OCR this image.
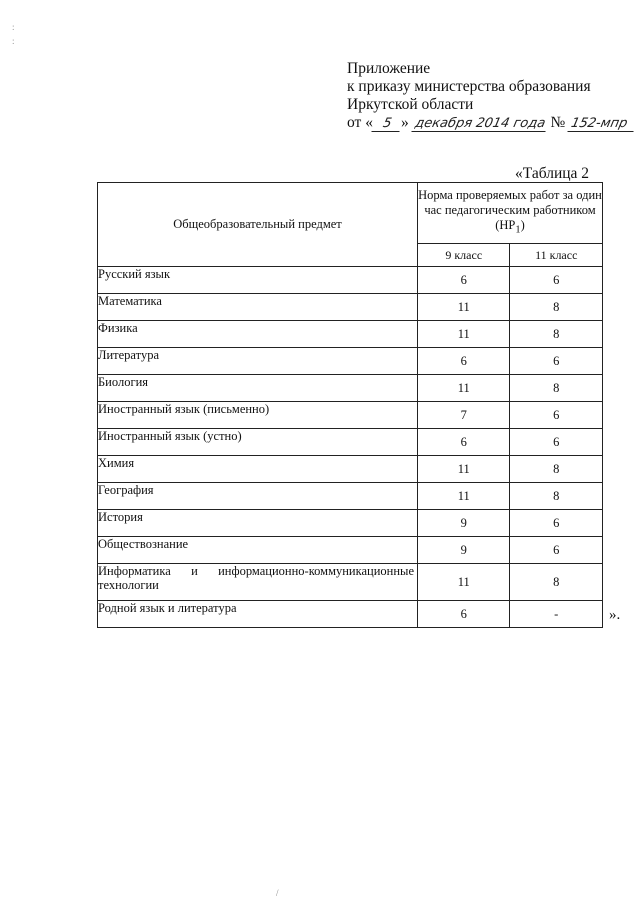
:
:
Приложение
к приказу министерства образования
Иркутской области
от « 5 » декабря 2014 года № 152-мпр
«Таблица 2
Общеобразовательный предмет	Норма проверяемых работ за один час педагогическим работником $(НР_1)$	
	9 класс	11 класс
Русский язык	6	6
Математика	11	8
Физика	11	8
Литература	6	6
Биология	11	8
Иностранный язык (письменно)	7	6
Иностранный язык (устно)	6	6
Химия	11	8
География	11	8
История	9	6
Обществознание	9	6
Информатика и информационно-коммуникационные технологии	11	8
Родной язык и литература	6	-	».
/
